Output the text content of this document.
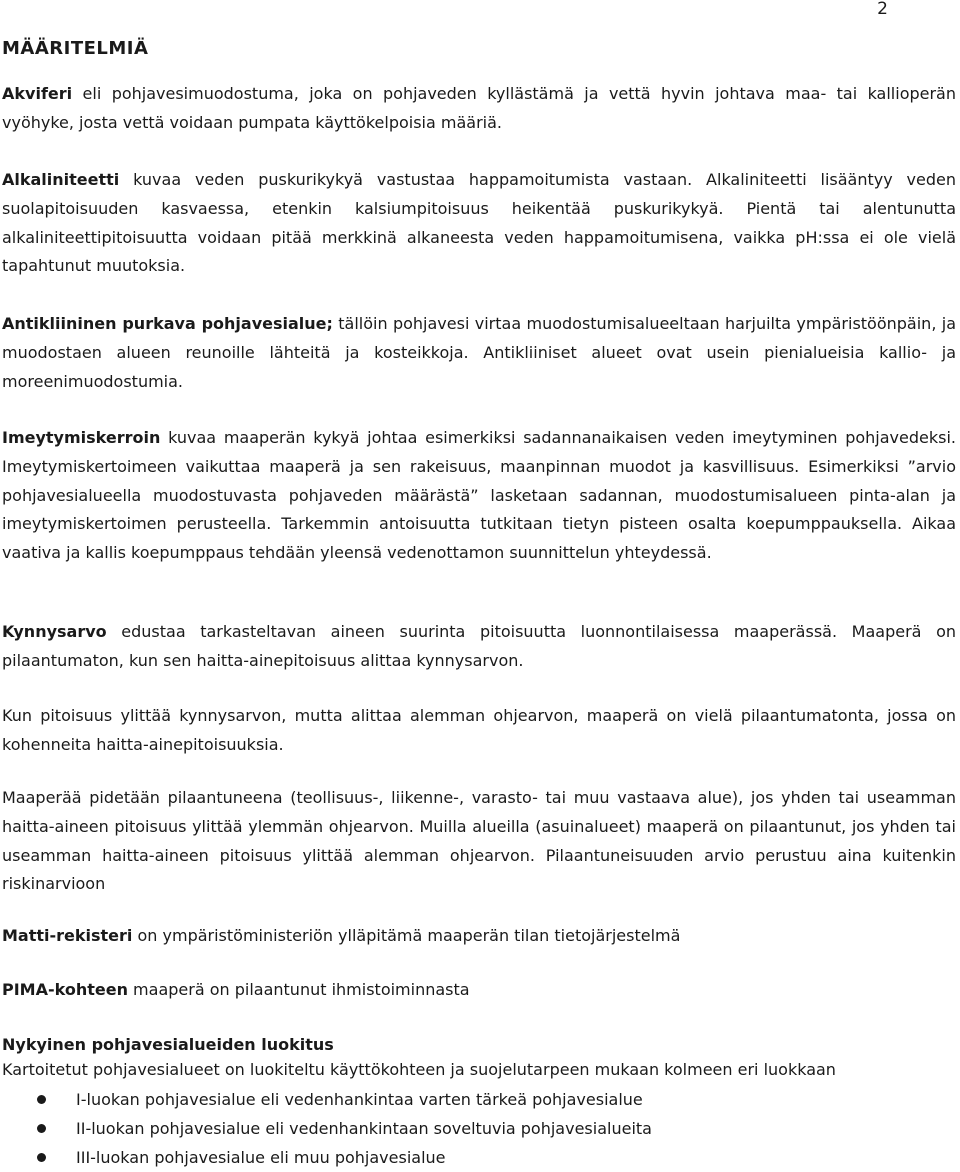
2
MÄÄRITELMIÄ

Akviferi eli pohjavesimuodostuma, joka on pohjaveden kyllästämä ja vettä hyvin johtava maa- tai kallioperän vyöhyke, josta vettä voidaan pumpata käyttökelpoisia määriä.

Alkaliniteetti kuvaa veden puskurikykyä vastustaa happamoitumista vastaan. Alkaliniteetti lisääntyy veden suolapitoisuuden kasvaessa, etenkin kalsiumpitoisuus heikentää puskurikykyä. Pientä tai alentunutta alkaliniteettipitoisuutta voidaan pitää merkkinä alkaneesta veden happamoitumisena, vaikka pH:ssa ei ole vielä tapahtunut muutoksia.

Antikliininen purkava pohjavesialue; tällöin pohjavesi virtaa muodostumisalueeltaan harjuilta ympäristöönpäin, ja muodostaen alueen reunoille lähteitä ja kosteikkoja. Antikliiniset alueet ovat usein pienialueisia kallio- ja moreenimuodostumia.

Imeytymiskerroin kuvaa maaperän kykyä johtaa esimerkiksi sadannanaikaisen veden imeytyminen pohjavedeksi. Imeytymiskertoimeen vaikuttaa maaperä ja sen rakeisuus, maanpinnan muodot ja kasvillisuus. Esimerkiksi ”arvio pohjavesialueella muodostuvasta pohjaveden määrästä” lasketaan sadannan, muodostumisalueen pinta-alan ja imeytymiskertoimen perusteella. Tarkemmin antoisuutta tutkitaan tietyn pisteen osalta koepumppauksella. Aikaa vaativa ja kallis koepumppaus tehdään yleensä vedenottamon suunnittelun yhteydessä.

Kynnysarvo edustaa tarkasteltavan aineen suurinta pitoisuutta luonnontilaisessa maaperässä. Maaperä on pilaantumaton, kun sen haitta-ainepitoisuus alittaa kynnysarvon.

Kun pitoisuus ylittää kynnysarvon, mutta alittaa alemman ohjearvon, maaperä on vielä pilaantumatonta, jossa on kohenneita haitta-ainepitoisuuksia.

Maaperää pidetään pilaantuneena (teollisuus-, liikenne-, varasto- tai muu vastaava alue), jos yhden tai useamman haitta-aineen pitoisuus ylittää ylemmän ohjearvon. Muilla alueilla (asuinalueet) maaperä on pilaantunut, jos yhden tai useamman haitta-aineen pitoisuus ylittää alemman ohjearvon. Pilaantuneisuuden arvio perustuu aina kuitenkin riskinarvioon

Matti-rekisteri on ympäristöministeriön ylläpitämä maaperän tilan tietojärjestelmä

PIMA-kohteen maaperä on pilaantunut ihmistoiminnasta

Nykyinen pohjavesialueiden luokitus

Kartoitetut pohjavesialueet on luokiteltu käyttökohteen ja suojelutarpeen mukaan kolmeen eri luokkaan

I-luokan pohjavesialue eli vedenhankintaa varten tärkeä pohjavesialue
II-luokan pohjavesialue eli vedenhankintaan soveltuvia pohjavesialueita
III-luokan pohjavesialue eli muu pohjavesialue
